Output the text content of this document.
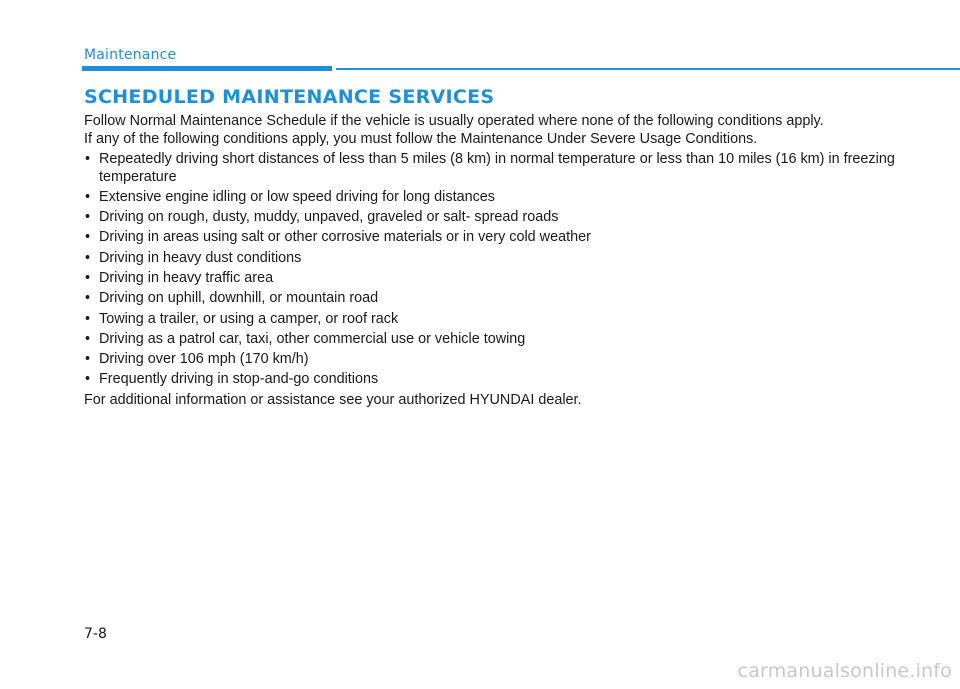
Maintenance
SCHEDULED MAINTENANCE SERVICES

Follow Normal Maintenance Schedule if the vehicle is usually operated where none of the following conditions apply.

If any of the following conditions apply, you must follow the Maintenance Under Severe Usage Conditions.

• Repeatedly driving short distances of less than 5 miles (8 km) in normal temperature or less than 10 miles (16 km) in freezing temperature
• Extensive engine idling or low speed driving for long distances
• Driving on rough, dusty, muddy, unpaved, graveled or salt- spread roads
• Driving in areas using salt or other corrosive materials or in very cold weather
• Driving in heavy dust conditions
• Driving in heavy traffic area
• Driving on uphill, downhill, or mountain road
• Towing a trailer, or using a camper, or roof rack
• Driving as a patrol car, taxi, other commercial use or vehicle towing
• Driving over 106 mph (170 km/h)
• Frequently driving in stop-and-go conditions

For additional information or assistance see your authorized HYUNDAI dealer.

7-8
carmanualsonline.info
